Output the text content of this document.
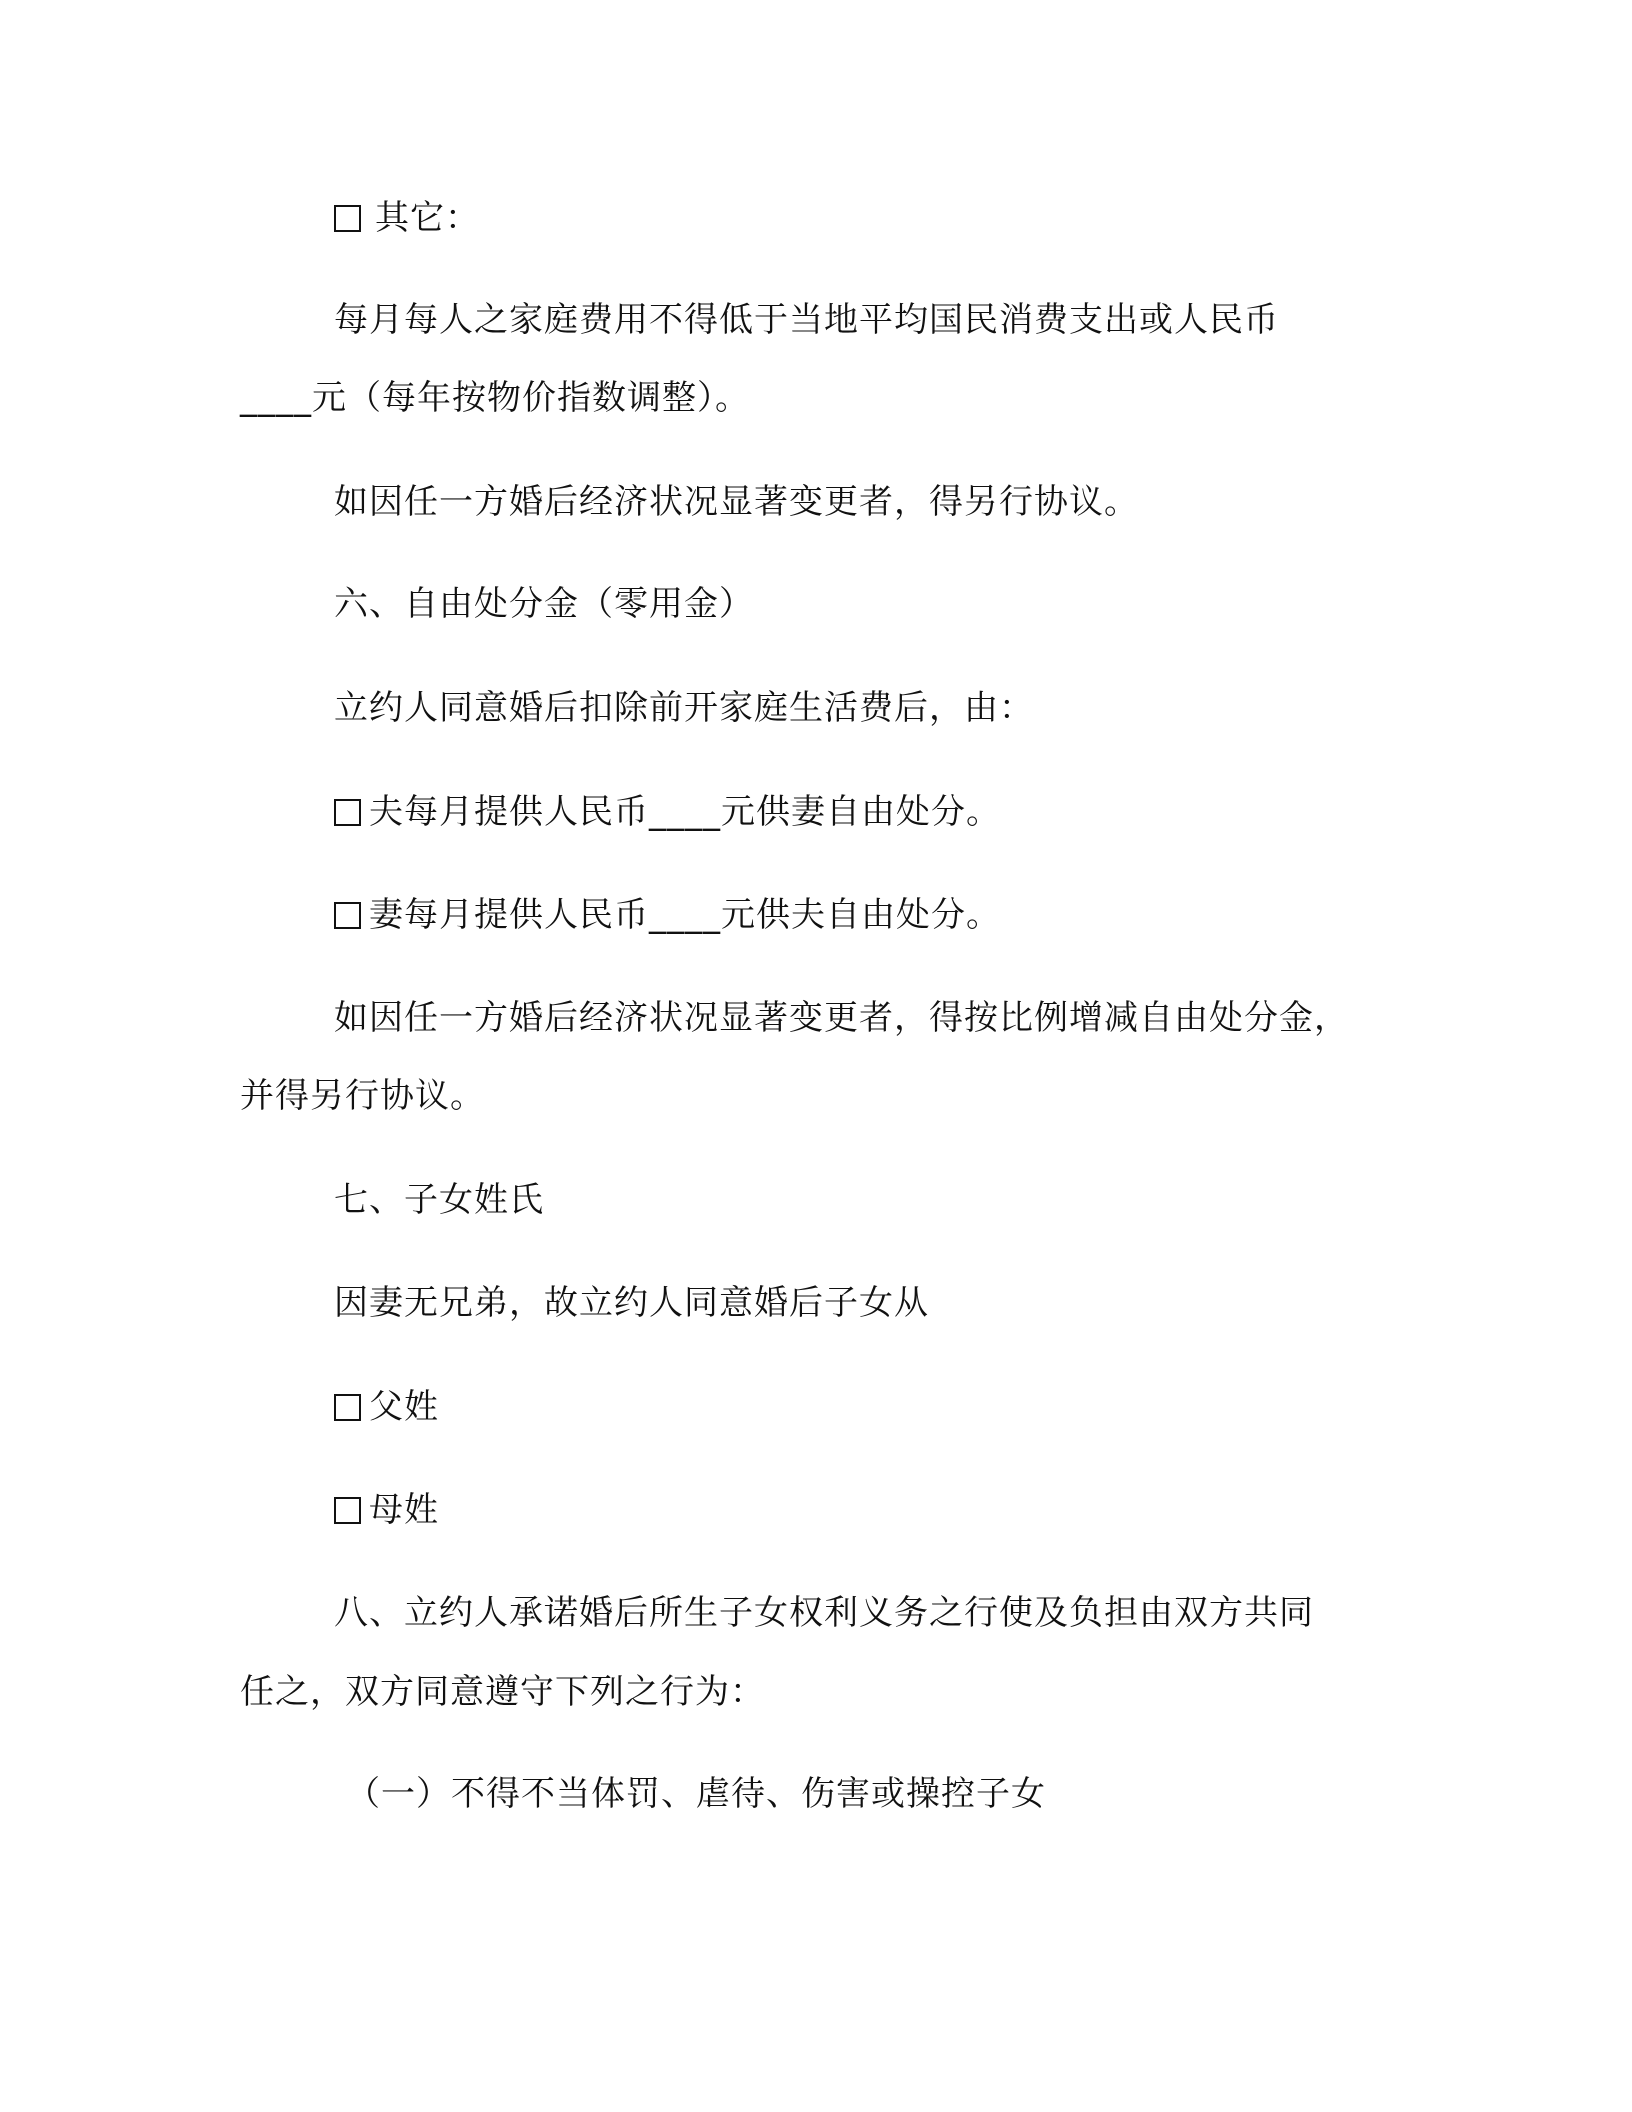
其它：
每月每人之家庭费用不得低于当地平均国民消费支出或人民币
____元（每年按物价指数调整）。
如因任一方婚后经济状况显著变更者，得另行协议。
六、自由处分金（零用金）
立约人同意婚后扣除前开家庭生活费后，由：
夫每月提供人民币____元供妻自由处分。
妻每月提供人民币____元供夫自由处分。
如因任一方婚后经济状况显著变更者，得按比例增减自由处分金，
并得另行协议。
七、子女姓氏
因妻无兄弟，故立约人同意婚后子女从
父姓
母姓
八、立约人承诺婚后所生子女权利义务之行使及负担由双方共同
任之，双方同意遵守下列之行为：
（一）不得不当体罚、虐待、伤害或操控子女
